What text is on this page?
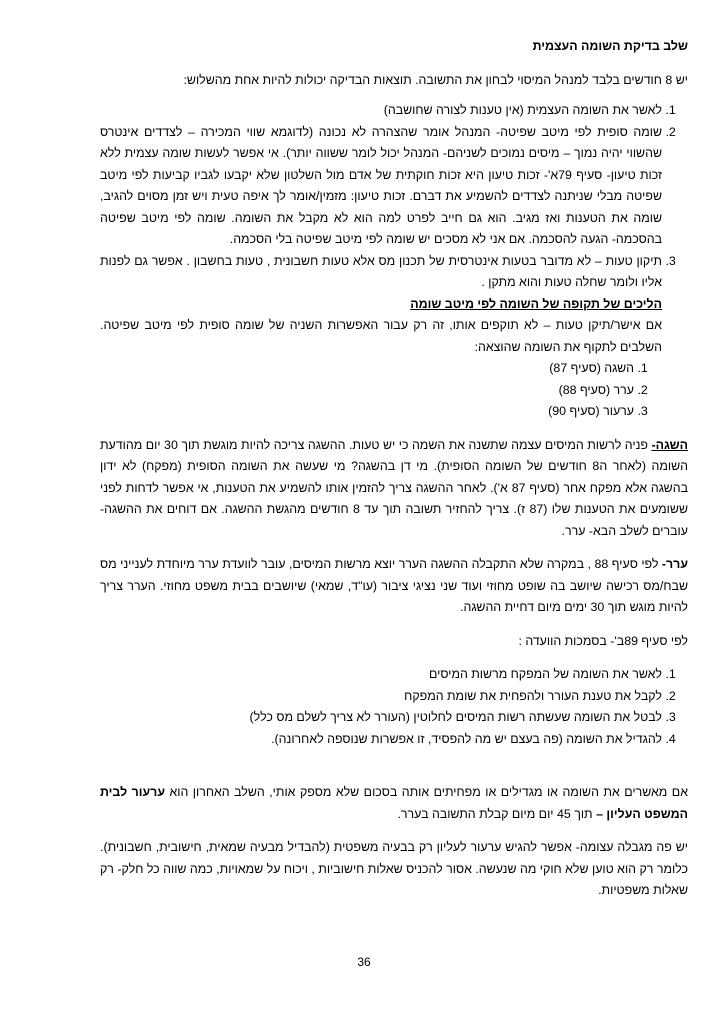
שלב בדיקת השומה העצמית

יש 8 חודשים בלבד למנהל המיסוי לבחון את התשובה. תוצאות הבדיקה יכולות להיות אחת מהשלוש:

1. לאשר את השומה העצמית (אין טענות לצורה שחושבה)
2. שומה סופית לפי מיטב שפיטה- המנהל אומר שהצהרה לא נכונה (לדוגמא שווי המכירה – לצדדים אינטרס שהשווי יהיה נמוך – מיסים נמוכים לשניהם- המנהל יכול לומר ששווה יותר). אי אפשר לעשות שומה עצמית ללא זכות טיעון- סעיף 79א'- זכות טיעון היא זכות חוקתית של אדם מול השלטון שלא יקבעו לגביו קביעות לפי מיטב שפיטה מבלי שניתנה לצדדים להשמיע את דברם. זכות טיעון: מזמין/אומר לך איפה טעית ויש זמן מסוים להגיב, שומה את הטענות ואז מגיב. הוא גם חייב לפרט למה הוא לא מקבל את השומה. שומה לפי מיטב שפיטה בהסכמה- הגעה להסכמה. אם אני לא מסכים יש שומה לפי מיטב שפיטה בלי הסכמה.
3. תיקון טעות – לא מדובר בטעות אינטרסית של תכנון מס אלא טעות חשבונית , טעות בחשבון . אפשר גם לפנות אליו ולומר שחלה טעות והוא מתקן .
הליכים של תקופה של השומה לפי מיטב שומה
אם אישר/תיקן טעות – לא תוקפים אותו, זה רק עבור האפשרות השניה של שומה סופית לפי מיטב שפיטה. השלבים לתקוף את השומה שהוצאה:
1. השגה (סעיף 87)
2. ערר (סעיף 88)
3. ערעור (סעיף 90)

השגה- פניה לרשות המיסים עצמה שתשנה את השמה כי יש טעות. ההשגה צריכה להיות מוגשת תוך 30 יום מהודעת השומה (לאחר ה8 חודשים של השומה הסופית). מי דן בהשגה? מי שעשה את השומה הסופית (מפקח) לא ידון בהשגה אלא מפקח אחר (סעיף 87 א'). לאחר ההשגה צריך להזמין אותו להשמיע את הטענות, אי אפשר לדחות לפני ששומעים את הטענות שלו (87 ז). צריך להחזיר תשובה תוך עד 8 חודשים מהגשת ההשגה. אם דוחים את ההשגה- עוברים לשלב הבא- ערר.

ערר- לפי סעיף 88 , במקרה שלא התקבלה ההשגה הערר יוצא מרשות המיסים, עובר לוועדת ערר מיוחדת לענייני מס שבח/מס רכישה שיושב בה שופט מחוזי ועוד שני נציגי ציבור (עו"ד, שמאי) שיושבים בבית משפט מחוזי. הערר צריך להיות מוגש תוך 30 ימים מיום דחיית ההשגה.

לפי סעיף 89ב'- בסמכות הוועדה :

1. לאשר את השומה של המפקח מרשות המיסים
2. לקבל את טענת העורר ולהפחית את שומת המפקח
3. לבטל את השומה שעשתה רשות המיסים לחלוטין (העורר לא צריך לשלם מס כלל)
4. להגדיל את השומה (פה בעצם יש מה להפסיד, זו אפשרות שנוספה לאחרונה).

אם מאשרים את השומה או מגדילים או מפחיתים אותה בסכום שלא מספק אותי, השלב האחרון הוא ערעור לבית המשפט העליון – תוך 45 יום מיום קבלת התשובה בערר.

יש פה מגבלה עצומה- אפשר להגיש ערעור לעליון רק בבעיה משפטית (להבדיל מבעיה שמאית, חישובית, חשבונית). כלומר רק הוא טוען שלא חוקי מה שנעשה. אסור להכניס שאלות חישוביות , ויכוח על שמאויות, כמה שווה כל חלק- רק שאלות משפטיות.

36
